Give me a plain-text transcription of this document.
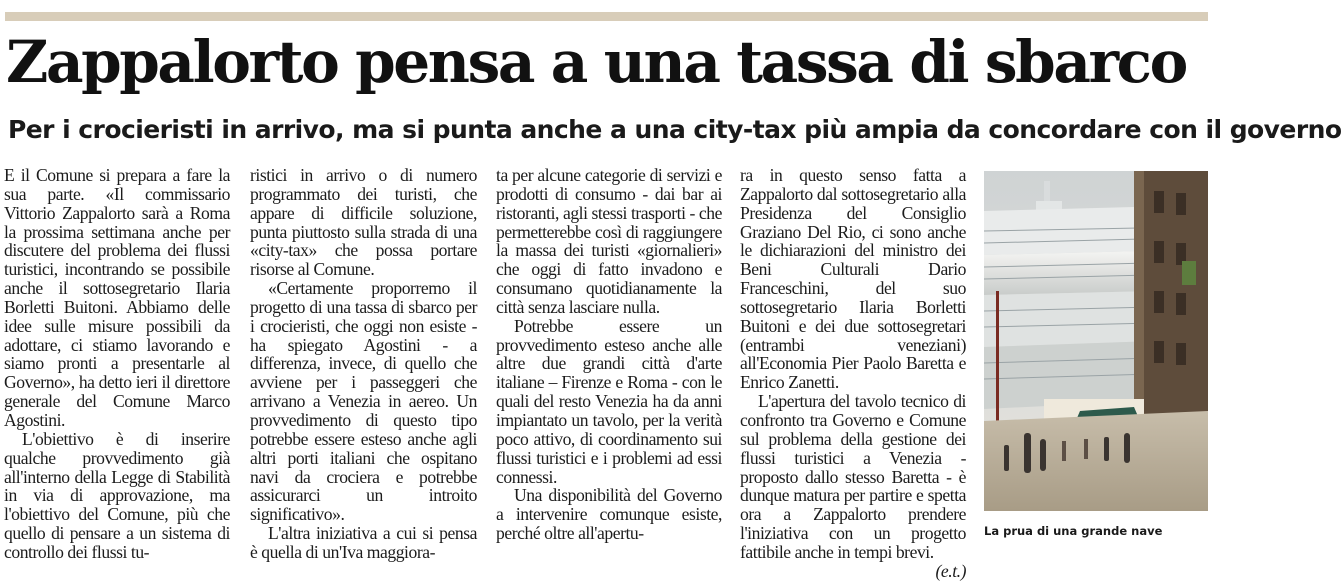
Zappalorto pensa a una tassa di sbarco
Per i crocieristi in arrivo, ma si punta anche a una city-tax più ampia da concordare con il governo

E il Comune si prepara a fare la sua parte. «Il commissario Vittorio Zappalorto sarà a Roma la prossima settimana anche per discutere del problema dei flussi turistici, incontrando se possibile anche il sottosegretario Ilaria Borletti Buitoni. Abbiamo delle idee sulle misure possibili da adottare, ci stiamo lavorando e siamo pronti a presentarle al Governo», ha detto ieri il direttore generale del Comune Marco Agostini.

L'obiettivo è di inserire qualche provvedimento già all'interno della Legge di Stabilità in via di approvazione, ma l'obiettivo del Comune, più che quello di pensare a un sistema di controllo dei flussi tu-

ristici in arrivo o di numero programmato dei turisti, che appare di difficile soluzione, punta piuttosto sulla strada di una «city-tax» che possa portare risorse al Comune.

«Certamente proporremo il progetto di una tassa di sbarco per i crocieristi, che oggi non esiste - ha spiegato Agostini - a differenza, invece, di quello che avviene per i passeggeri che arrivano a Venezia in aereo. Un provvedimento di questo tipo potrebbe essere esteso anche agli altri porti italiani che ospitano navi da crociera e potrebbe assicurarci un introito significativo».

L'altra iniziativa a cui si pensa è quella di un'Iva maggiora-

ta per alcune categorie di servizi e prodotti di consumo - dai bar ai ristoranti, agli stessi trasporti - che permetterebbe così di raggiungere la massa dei turisti «giornalieri» che oggi di fatto invadono e consumano quotidianamente la città senza lasciare nulla.

Potrebbe essere un provvedimento esteso anche alle altre due grandi città d'arte italiane – Firenze e Roma - con le quali del resto Venezia ha da anni impiantato un tavolo, per la verità poco attivo, di coordinamento sui flussi turistici e i problemi ad essi connessi.

Una disponibilità del Governo a intervenire comunque esiste, perché oltre all'apertu-

ra in questo senso fatta a Zappalorto dal sottosegretario alla Presidenza del Consiglio Graziano Del Rio, ci sono anche le dichiarazioni del ministro dei Beni Culturali Dario Franceschini, del suo sottosegretario Ilaria Borletti Buitoni e dei due sottosegretari (entrambi veneziani) all'Economia Pier Paolo Baretta e Enrico Zanetti.

L'apertura del tavolo tecnico di confronto tra Governo e Comune sul problema della gestione dei flussi turistici a Venezia - proposto dallo stesso Baretta - è dunque matura per partire e spetta ora a Zappalorto prendere l'iniziativa con un progetto fattibile anche in tempi brevi.
(e.t.)

La prua di una grande nave
